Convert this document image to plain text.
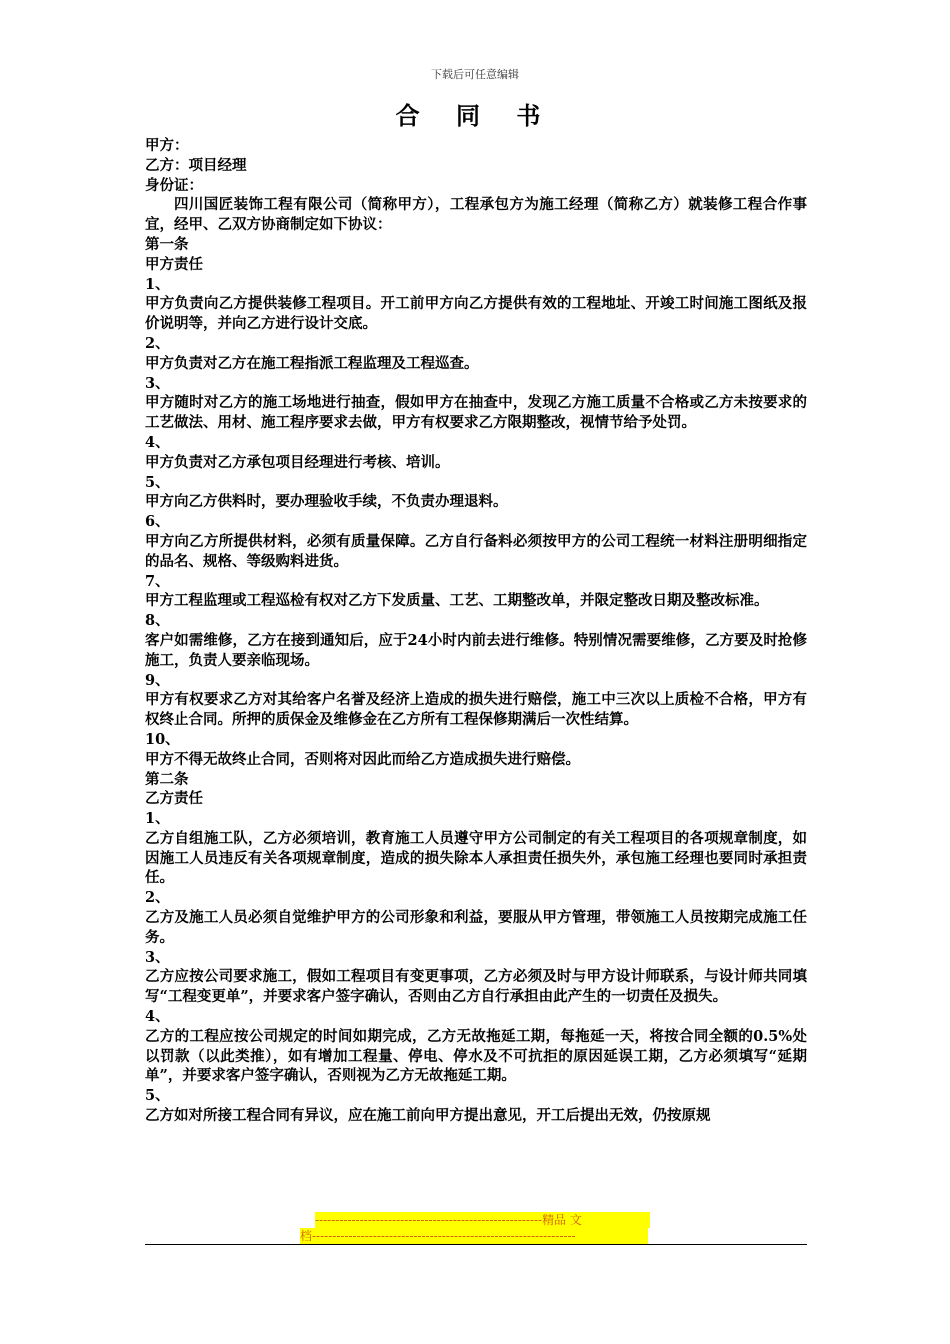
下载后可任意编辑
合 同 书
甲方：
乙方：项目经理
身份证：
四川国匠装饰工程有限公司（简称甲方），工程承包方为施工经理（简称乙方）就装修工程合作事宜，经甲、乙双方协商制定如下协议：
第一条
甲方责任
1、
甲方负责向乙方提供装修工程项目。开工前甲方向乙方提供有效的工程地址、开竣工时间施工图纸及报价说明等，并向乙方进行设计交底。
2、
甲方负责对乙方在施工程指派工程监理及工程巡查。
3、
甲方随时对乙方的施工场地进行抽查，假如甲方在抽查中，发现乙方施工质量不合格或乙方未按要求的工艺做法、用材、施工程序要求去做，甲方有权要求乙方限期整改，视情节给予处罚。
4、
甲方负责对乙方承包项目经理进行考核、培训。
5、
甲方向乙方供料时，要办理验收手续，不负责办理退料。
6、
甲方向乙方所提供材料，必须有质量保障。乙方自行备料必须按甲方的公司工程统一材料注册明细指定的品名、规格、等级购料进货。
7、
甲方工程监理或工程巡检有权对乙方下发质量、工艺、工期整改单，并限定整改日期及整改标准。
8、
客户如需维修，乙方在接到通知后，应于24小时内前去进行维修。特别情况需要维修，乙方要及时抢修施工，负责人要亲临现场。
9、
甲方有权要求乙方对其给客户名誉及经济上造成的损失进行赔偿，施工中三次以上质检不合格，甲方有权终止合同。所押的质保金及维修金在乙方所有工程保修期满后一次性结算。
10、
甲方不得无故终止合同，否则将对因此而给乙方造成损失进行赔偿。
第二条
乙方责任
1、
乙方自组施工队，乙方必须培训，教育施工人员遵守甲方公司制定的有关工程项目的各项规章制度，如因施工人员违反有关各项规章制度，造成的损失除本人承担责任损失外，承包施工经理也要同时承担责任。
2、
乙方及施工人员必须自觉维护甲方的公司形象和利益，要服从甲方管理，带领施工人员按期完成施工任务。
3、
乙方应按公司要求施工，假如工程项目有变更事项，乙方必须及时与甲方设计师联系，与设计师共同填写“工程变更单”，并要求客户签字确认，否则由乙方自行承担由此产生的一切责任及损失。
4、
乙方的工程应按公司规定的时间如期完成，乙方无故拖延工期，每拖延一天，将按合同全额的0.5%处以罚款（以此类推），如有增加工程量、停电、停水及不可抗拒的原因延误工期，乙方必须填写“延期单”，并要求客户签字确认，否则视为乙方无故拖延工期。
5、
乙方如对所接工程合同有异议，应在施工前向甲方提出意见，开工后提出无效，仍按原规
--------------------------------------------------------精品 文
档-----------------------------------------------------------------
